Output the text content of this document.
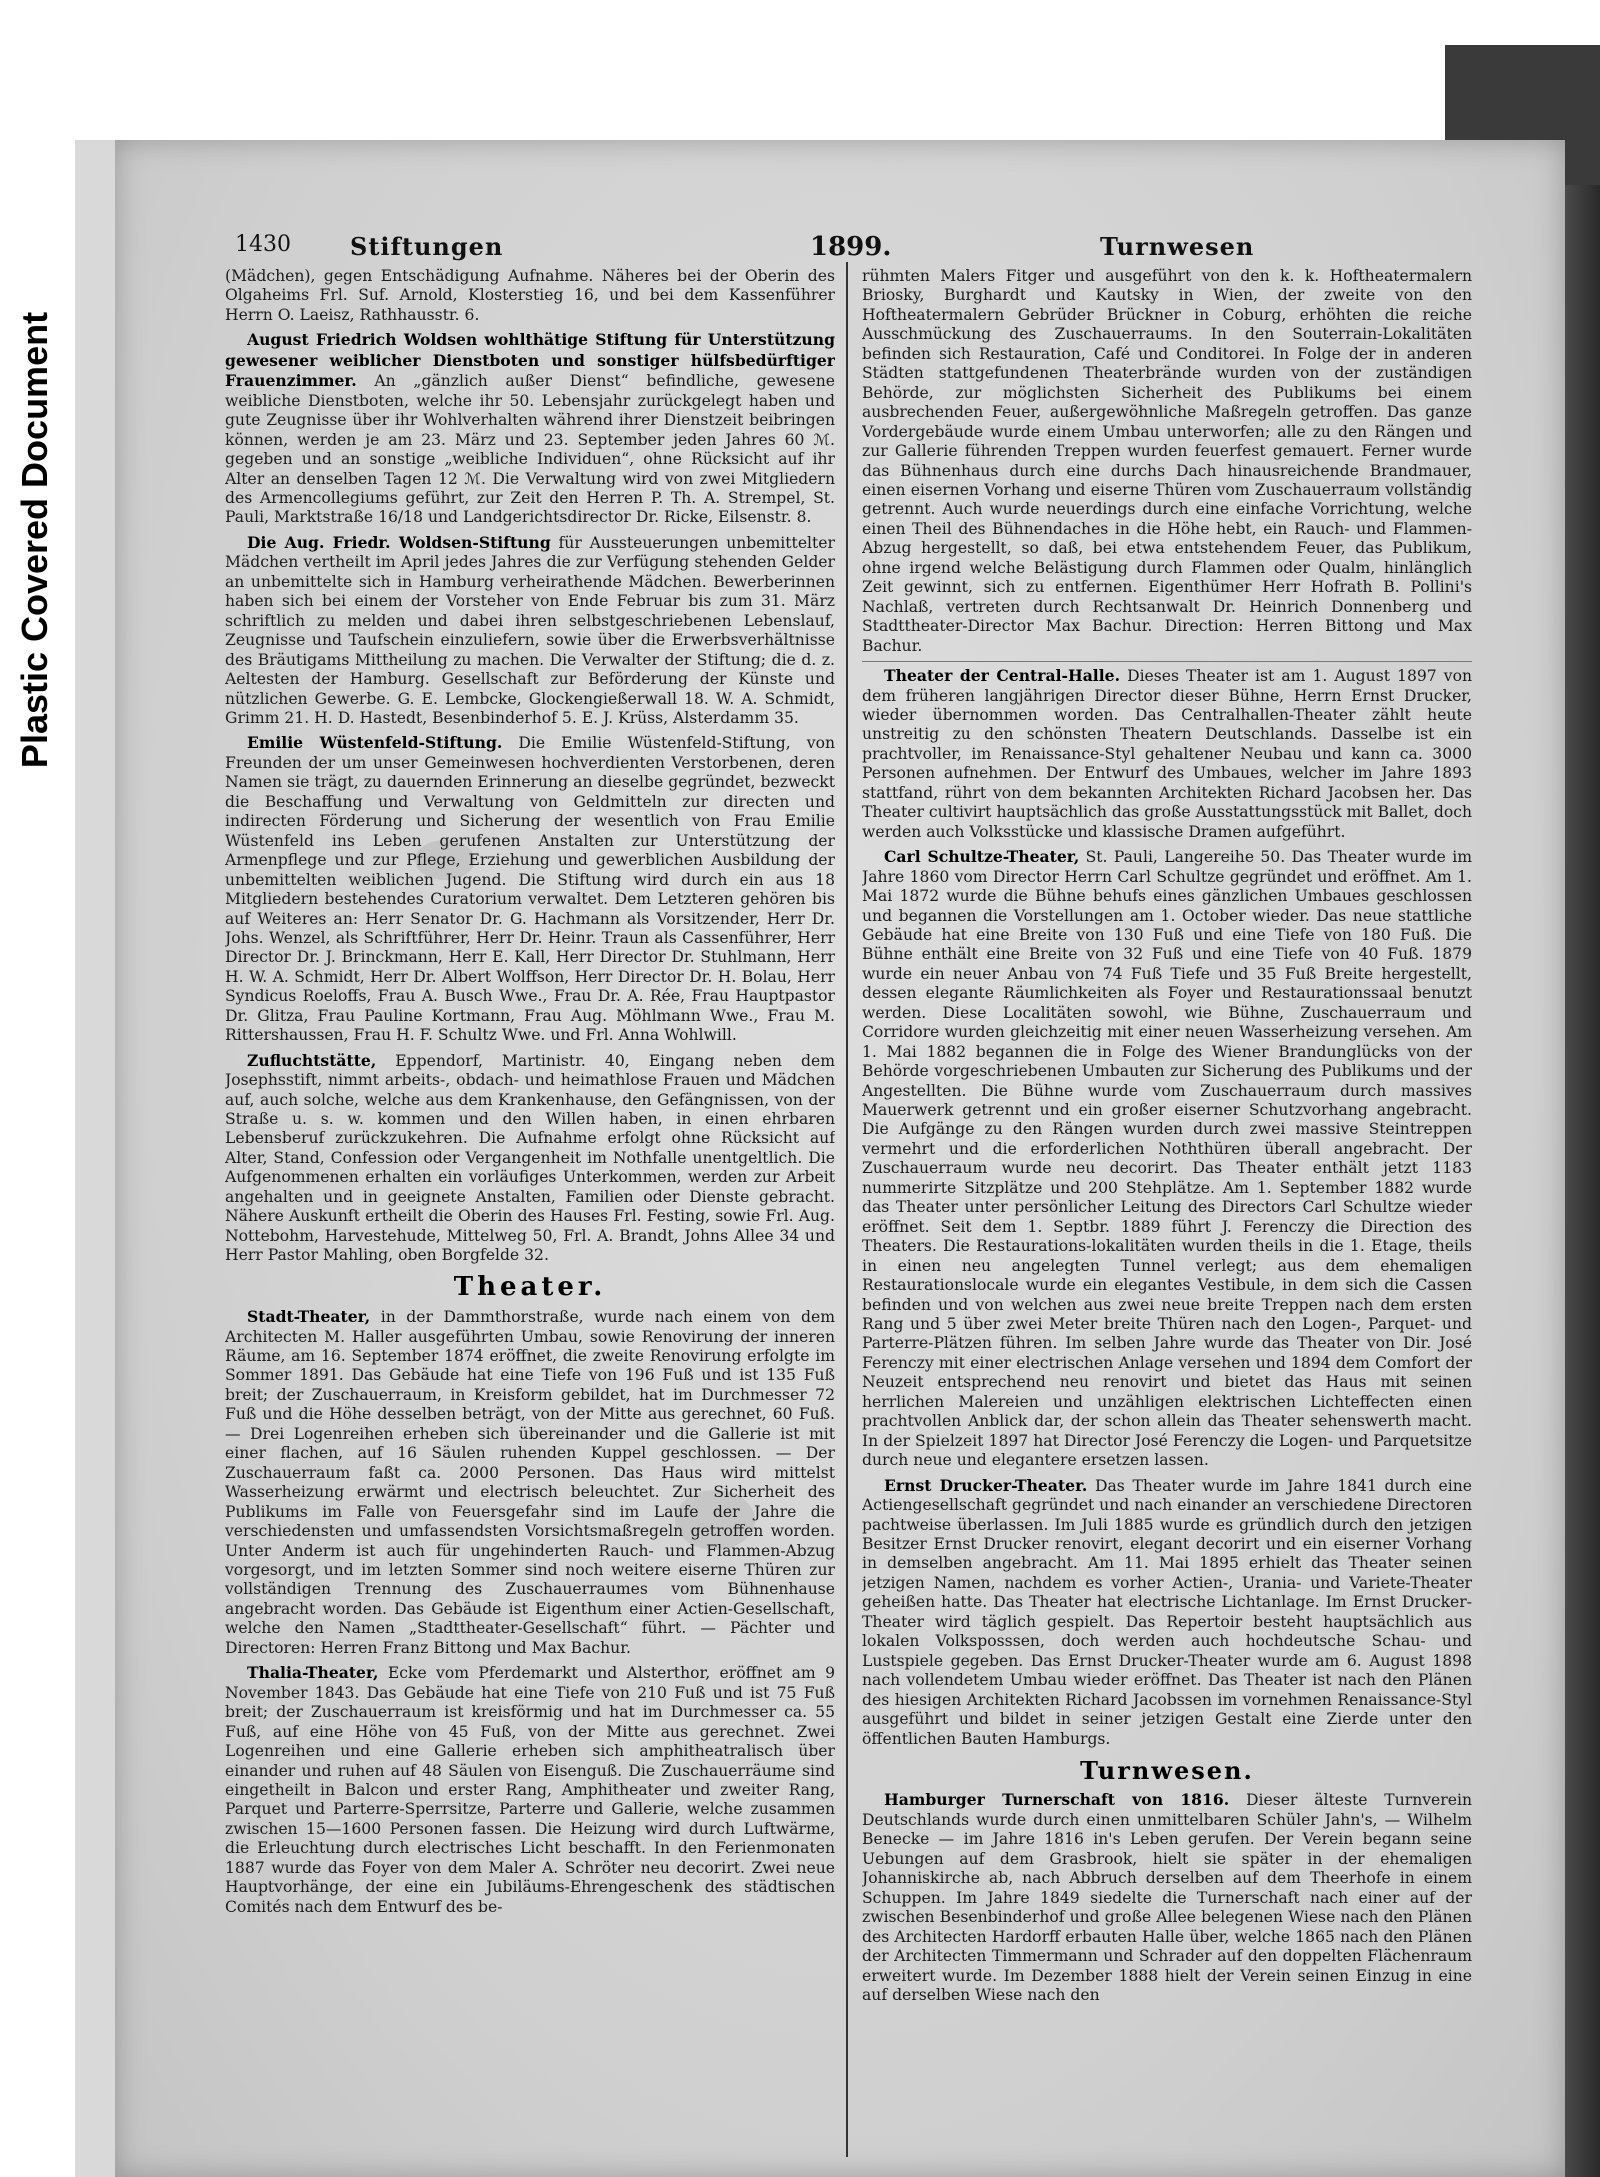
Plastic Covered Document
1430 Stiftungen	1899.	Turnwesen

(Mädchen), gegen Entschädigung Aufnahme. Näheres bei der Oberin des Olgaheims Frl. Suf. Arnold, Klosterstieg 16, und bei dem Kassenführer Herrn O. Laeisz, Rathhausstr. 6.

August Friedrich Woldsen wohlthätige Stiftung für Unterstützung gewesener weiblicher Dienstboten und sonstiger hülfsbedürftiger Frauenzimmer. An „gänzlich außer Dienst“ befindliche, gewesene weibliche Dienstboten, welche ihr 50. Lebensjahr zurückgelegt haben und gute Zeugnisse über ihr Wohlverhalten während ihrer Dienstzeit beibringen können, werden je am 23. März und 23. September jeden Jahres 60 ℳ. gegeben und an sonstige „weibliche Individuen“, ohne Rücksicht auf ihr Alter an denselben Tagen 12 ℳ. Die Verwaltung wird von zwei Mitgliedern des Armencollegiums geführt, zur Zeit den Herren P. Th. A. Strempel, St. Pauli, Marktstraße 16/18 und Landgerichtsdirector Dr. Ricke, Eilsenstr. 8.

Die Aug. Friedr. Woldsen-Stiftung für Aussteuerungen unbemittelter Mädchen vertheilt im April jedes Jahres die zur Verfügung stehenden Gelder an unbemittelte sich in Hamburg verheirathende Mädchen. Bewerberinnen haben sich bei einem der Vorsteher von Ende Februar bis zum 31. März schriftlich zu melden und dabei ihren selbstgeschriebenen Lebenslauf, Zeugnisse und Taufschein einzuliefern, sowie über die Erwerbsverhältnisse des Bräutigams Mittheilung zu machen. Die Verwalter der Stiftung; die d. z. Aeltesten der Hamburg. Gesellschaft zur Beförderung der Künste und nützlichen Gewerbe. G. E. Lembcke, Glockengießerwall 18. W. A. Schmidt, Grimm 21. H. D. Hastedt, Besenbinderhof 5. E. J. Krüss, Alsterdamm 35.

Emilie Wüstenfeld-Stiftung. Die Emilie Wüstenfeld-Stiftung, von Freunden der um unser Gemeinwesen hochverdienten Verstorbenen, deren Namen sie trägt, zu dauernden Erinnerung an dieselbe gegründet, bezweckt die Beschaffung und Verwaltung von Geldmitteln zur directen und indirecten Förderung und Sicherung der wesentlich von Frau Emilie Wüstenfeld ins Leben gerufenen Anstalten zur Unterstützung der Armenpflege und zur Pflege, Erziehung und gewerblichen Ausbildung der unbemittelten weiblichen Jugend. Die Stiftung wird durch ein aus 18 Mitgliedern bestehendes Curatorium verwaltet. Dem Letzteren gehören bis auf Weiteres an: Herr Senator Dr. G. Hachmann als Vorsitzender, Herr Dr. Johs. Wenzel, als Schriftführer, Herr Dr. Heinr. Traun als Cassenführer, Herr Director Dr. J. Brinckmann, Herr E. Kall, Herr Director Dr. Stuhlmann, Herr H. W. A. Schmidt, Herr Dr. Albert Wolffson, Herr Director Dr. H. Bolau, Herr Syndicus Roeloffs, Frau A. Busch Wwe., Frau Dr. A. Rée, Frau Hauptpastor Dr. Glitza, Frau Pauline Kortmann, Frau Aug. Möhlmann Wwe., Frau M. Rittershaussen, Frau H. F. Schultz Wwe. und Frl. Anna Wohlwill.

Zufluchtstätte, Eppendorf, Martinistr. 40, Eingang neben dem Josephsstift, nimmt arbeits-, obdach- und heimathlose Frauen und Mädchen auf, auch solche, welche aus dem Krankenhause, den Gefängnissen, von der Straße u. s. w. kommen und den Willen haben, in einen ehrbaren Lebensberuf zurückzukehren. Die Aufnahme erfolgt ohne Rücksicht auf Alter, Stand, Confession oder Vergangenheit im Nothfalle unentgeltlich. Die Aufgenommenen erhalten ein vorläufiges Unterkommen, werden zur Arbeit angehalten und in geeignete Anstalten, Familien oder Dienste gebracht. Nähere Auskunft ertheilt die Oberin des Hauses Frl. Festing, sowie Frl. Aug. Nottebohm, Harvestehude, Mittelweg 50, Frl. A. Brandt, Johns Allee 34 und Herr Pastor Mahling, oben Borgfelde 32.

Theater.

Stadt-Theater, in der Dammthorstraße, wurde nach einem von dem Architecten M. Haller ausgeführten Umbau, sowie Renovirung der inneren Räume, am 16. September 1874 eröffnet, die zweite Renovirung erfolgte im Sommer 1891. Das Gebäude hat eine Tiefe von 196 Fuß und ist 135 Fuß breit; der Zuschauerraum, in Kreisform gebildet, hat im Durchmesser 72 Fuß und die Höhe desselben beträgt, von der Mitte aus gerechnet, 60 Fuß. — Drei Logenreihen erheben sich übereinander und die Gallerie ist mit einer flachen, auf 16 Säulen ruhenden Kuppel geschlossen. — Der Zuschauerraum faßt ca. 2000 Personen. Das Haus wird mittelst Wasserheizung erwärmt und electrisch beleuchtet. Zur Sicherheit des Publikums im Falle von Feuersgefahr sind im Laufe der Jahre die verschiedensten und umfassendsten Vorsichtsmaßregeln getroffen worden. Unter Anderm ist auch für ungehinderten Rauch- und Flammen-Abzug vorgesorgt, und im letzten Sommer sind noch weitere eiserne Thüren zur vollständigen Trennung des Zuschauerraumes vom Bühnenhause angebracht worden. Das Gebäude ist Eigenthum einer Actien-Gesellschaft, welche den Namen „Stadttheater-Gesellschaft“ führt. — Pächter und Directoren: Herren Franz Bittong und Max Bachur.

Thalia-Theater, Ecke vom Pferdemarkt und Alsterthor, eröffnet am 9 November 1843. Das Gebäude hat eine Tiefe von 210 Fuß und ist 75 Fuß breit; der Zuschauerraum ist kreisförmig und hat im Durchmesser ca. 55 Fuß, auf eine Höhe von 45 Fuß, von der Mitte aus gerechnet. Zwei Logenreihen und eine Gallerie erheben sich amphitheatralisch über einander und ruhen auf 48 Säulen von Eisenguß. Die Zuschauerräume sind eingetheilt in Balcon und erster Rang, Amphitheater und zweiter Rang, Parquet und Parterre-Sperrsitze, Parterre und Gallerie, welche zusammen zwischen 15—1600 Personen fassen. Die Heizung wird durch Luftwärme, die Erleuchtung durch electrisches Licht beschafft. In den Ferienmonaten 1887 wurde das Foyer von dem Maler A. Schröter neu decorirt. Zwei neue Hauptvorhänge, der eine ein Jubiläums-Ehrengeschenk des städtischen Comités nach dem Entwurf des be-

rühmten Malers Fitger und ausgeführt von den k. k. Hoftheatermalern Briosky, Burghardt und Kautsky in Wien, der zweite von den Hoftheatermalern Gebrüder Brückner in Coburg, erhöhten die reiche Ausschmückung des Zuschauerraums. In den Souterrain-Lokalitäten befinden sich Restauration, Café und Conditorei. In Folge der in anderen Städten stattgefundenen Theaterbrände wurden von der zuständigen Behörde, zur möglichsten Sicherheit des Publikums bei einem ausbrechenden Feuer, außergewöhnliche Maßregeln getroffen. Das ganze Vordergebäude wurde einem Umbau unterworfen; alle zu den Rängen und zur Gallerie führenden Treppen wurden feuerfest gemauert. Ferner wurde das Bühnenhaus durch eine durchs Dach hinausreichende Brandmauer, einen eisernen Vorhang und eiserne Thüren vom Zuschauerraum vollständig getrennt. Auch wurde neuerdings durch eine einfache Vorrichtung, welche einen Theil des Bühnendaches in die Höhe hebt, ein Rauch- und Flammen-Abzug hergestellt, so daß, bei etwa entstehendem Feuer, das Publikum, ohne irgend welche Belästigung durch Flammen oder Qualm, hinlänglich Zeit gewinnt, sich zu entfernen. Eigenthümer Herr Hofrath B. Pollini's Nachlaß, vertreten durch Rechtsanwalt Dr. Heinrich Donnenberg und Stadttheater-Director Max Bachur. Direction: Herren Bittong und Max Bachur.

Theater der Central-Halle. Dieses Theater ist am 1. August 1897 von dem früheren langjährigen Director dieser Bühne, Herrn Ernst Drucker, wieder übernommen worden. Das Centralhallen-Theater zählt heute unstreitig zu den schönsten Theatern Deutschlands. Dasselbe ist ein prachtvoller, im Renaissance-Styl gehaltener Neubau und kann ca. 3000 Personen aufnehmen. Der Entwurf des Umbaues, welcher im Jahre 1893 stattfand, rührt von dem bekannten Architekten Richard Jacobsen her. Das Theater cultivirt hauptsächlich das große Ausstattungsstück mit Ballet, doch werden auch Volksstücke und klassische Dramen aufgeführt.

Carl Schultze-Theater, St. Pauli, Langereihe 50. Das Theater wurde im Jahre 1860 vom Director Herrn Carl Schultze gegründet und eröffnet. Am 1. Mai 1872 wurde die Bühne behufs eines gänzlichen Umbaues geschlossen und begannen die Vorstellungen am 1. October wieder. Das neue stattliche Gebäude hat eine Breite von 130 Fuß und eine Tiefe von 180 Fuß. Die Bühne enthält eine Breite von 32 Fuß und eine Tiefe von 40 Fuß. 1879 wurde ein neuer Anbau von 74 Fuß Tiefe und 35 Fuß Breite hergestellt, dessen elegante Räumlichkeiten als Foyer und Restaurationssaal benutzt werden. Diese Localitäten sowohl, wie Bühne, Zuschauerraum und Corridore wurden gleichzeitig mit einer neuen Wasserheizung versehen. Am 1. Mai 1882 begannen die in Folge des Wiener Brandunglücks von der Behörde vorgeschriebenen Umbauten zur Sicherung des Publikums und der Angestellten. Die Bühne wurde vom Zuschauerraum durch massives Mauerwerk getrennt und ein großer eiserner Schutzvorhang angebracht. Die Aufgänge zu den Rängen wurden durch zwei massive Steintreppen vermehrt und die erforderlichen Noththüren überall angebracht. Der Zuschauerraum wurde neu decorirt. Das Theater enthält jetzt 1183 nummerirte Sitzplätze und 200 Stehplätze. Am 1. September 1882 wurde das Theater unter persönlicher Leitung des Directors Carl Schultze wieder eröffnet. Seit dem 1. Septbr. 1889 führt J. Ferenczy die Direction des Theaters. Die Restaurations-lokalitäten wurden theils in die 1. Etage, theils in einen neu angelegten Tunnel verlegt; aus dem ehemaligen Restaurationslocale wurde ein elegantes Vestibule, in dem sich die Cassen befinden und von welchen aus zwei neue breite Treppen nach dem ersten Rang und 5 über zwei Meter breite Thüren nach den Logen-, Parquet- und Parterre-Plätzen führen. Im selben Jahre wurde das Theater von Dir. José Ferenczy mit einer electrischen Anlage versehen und 1894 dem Comfort der Neuzeit entsprechend neu renovirt und bietet das Haus mit seinen herrlichen Malereien und unzähligen elektrischen Lichteffecten einen prachtvollen Anblick dar, der schon allein das Theater sehenswerth macht. In der Spielzeit 1897 hat Director José Ferenczy die Logen- und Parquetsitze durch neue und elegantere ersetzen lassen.

Ernst Drucker-Theater. Das Theater wurde im Jahre 1841 durch eine Actiengesellschaft gegründet und nach einander an verschiedene Directoren pachtweise überlassen. Im Juli 1885 wurde es gründlich durch den jetzigen Besitzer Ernst Drucker renovirt, elegant decorirt und ein eiserner Vorhang in demselben angebracht. Am 11. Mai 1895 erhielt das Theater seinen jetzigen Namen, nachdem es vorher Actien-, Urania- und Variete-Theater geheißen hatte. Das Theater hat electrische Lichtanlage. Im Ernst Drucker-Theater wird täglich gespielt. Das Repertoir besteht hauptsächlich aus lokalen Volksposssen, doch werden auch hochdeutsche Schau- und Lustspiele gegeben. Das Ernst Drucker-Theater wurde am 6. August 1898 nach vollendetem Umbau wieder eröffnet. Das Theater ist nach den Plänen des hiesigen Architekten Richard Jacobssen im vornehmen Renaissance-Styl ausgeführt und bildet in seiner jetzigen Gestalt eine Zierde unter den öffentlichen Bauten Hamburgs.

Turnwesen.

Hamburger Turnerschaft von 1816. Dieser älteste Turnverein Deutschlands wurde durch einen unmittelbaren Schüler Jahn's, — Wilhelm Benecke — im Jahre 1816 in's Leben gerufen. Der Verein begann seine Uebungen auf dem Grasbrook, hielt sie später in der ehemaligen Johanniskirche ab, nach Abbruch derselben auf dem Theerhofe in einem Schuppen. Im Jahre 1849 siedelte die Turnerschaft nach einer auf der zwischen Besenbinderhof und große Allee belegenen Wiese nach den Plänen des Architecten Hardorff erbauten Halle über, welche 1865 nach den Plänen der Architecten Timmermann und Schrader auf den doppelten Flächenraum erweitert wurde. Im Dezember 1888 hielt der Verein seinen Einzug in eine auf derselben Wiese nach den
